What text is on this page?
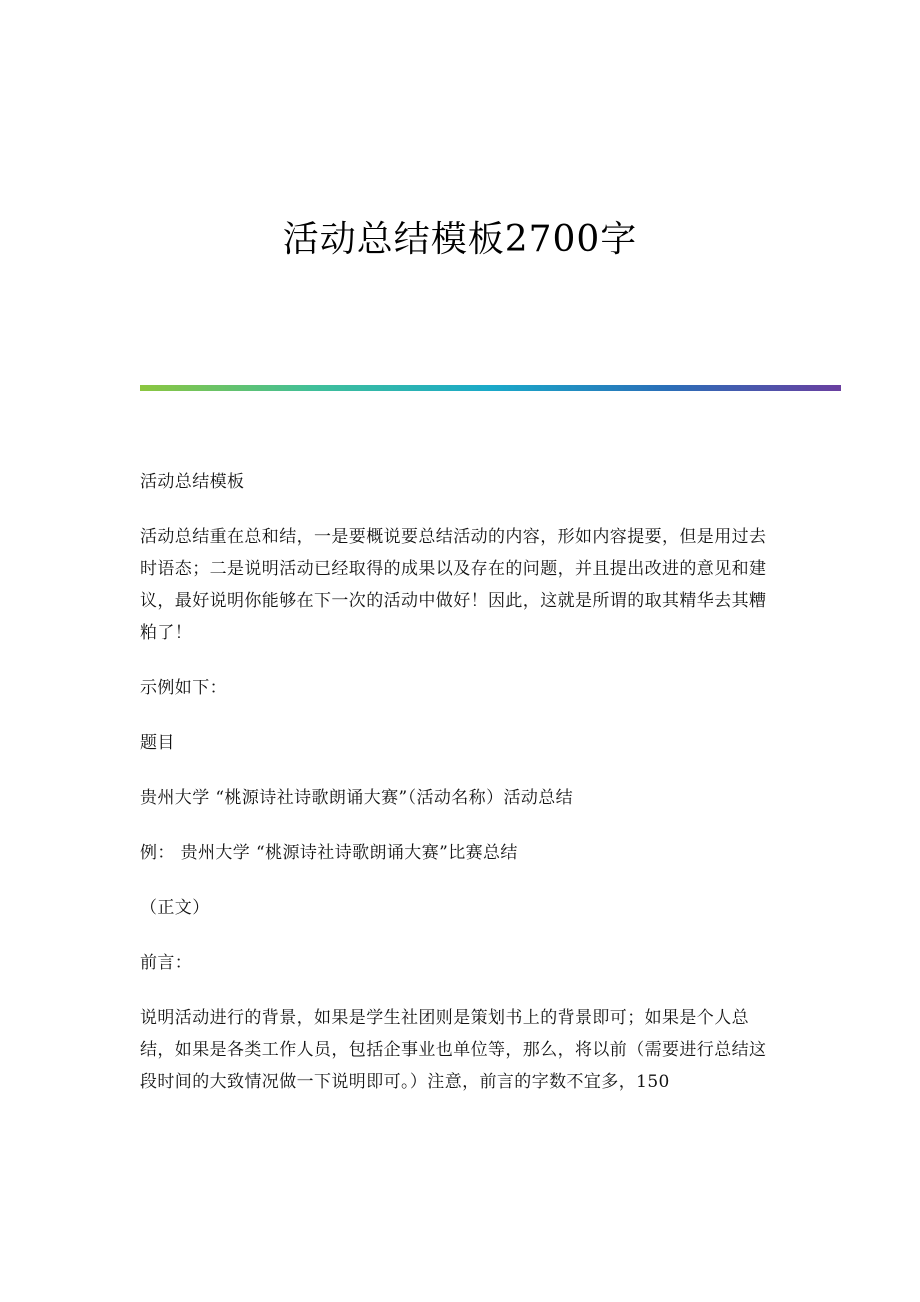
活动总结模板2700字

活动总结模板

活动总结重在总和结，一是要概说要总结活动的内容，形如内容提要，但是用过去时语态；二是说明活动已经取得的成果以及存在的问题，并且提出改进的意见和建议，最好说明你能够在下一次的活动中做好！因此，这就是所谓的取其精华去其糟粕了！

示例如下：

题目

贵州大学 “桃源诗社诗歌朗诵大赛”（活动名称）活动总结

例： 贵州大学 “桃源诗社诗歌朗诵大赛”比赛总结

（正文）

前言：

说明活动进行的背景，如果是学生社团则是策划书上的背景即可；如果是个人总结，如果是各类工作人员，包括企事业也单位等，那么，将以前（需要进行总结这段时间的大致情况做一下说明即可。）注意，前言的字数不宜多，150
